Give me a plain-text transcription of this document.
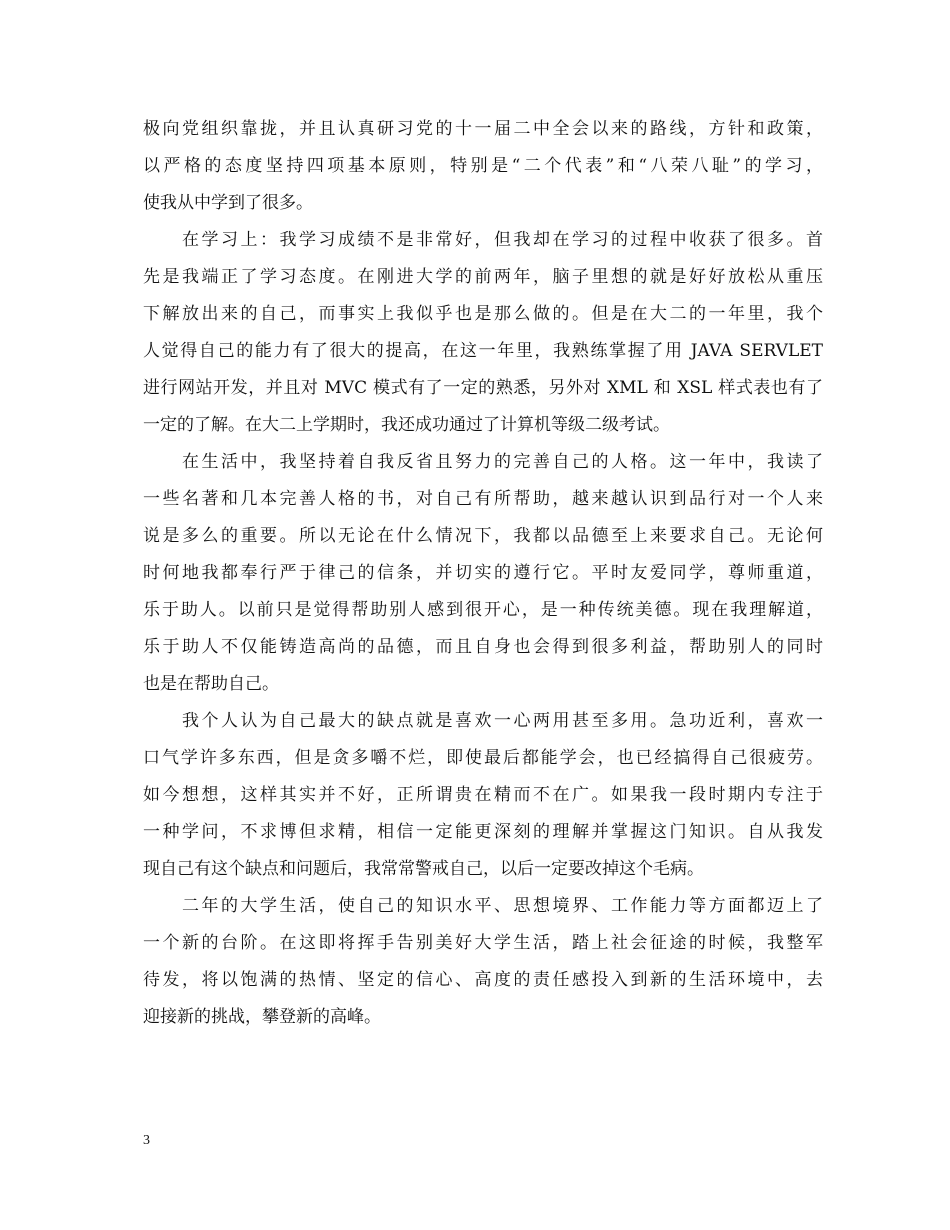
极向党组织靠拢，并且认真研习党的十一届二中全会以来的路线，方针和政策，
以严格的态度坚持四项基本原则，特别是“二个代表”和“八荣八耻”的学习，
使我从中学到了很多。
　　在学习上：我学习成绩不是非常好，但我却在学习的过程中收获了很多。首
先是我端正了学习态度。在刚进大学的前两年，脑子里想的就是好好放松从重压
下解放出来的自己，而事实上我似乎也是那么做的。但是在大二的一年里，我个
人觉得自己的能力有了很大的提高，在这一年里，我熟练掌握了用 JAVA SERVLET
进行网站开发，并且对 MVC 模式有了一定的熟悉，另外对 XML 和 XSL 样式表也有了
一定的了解。在大二上学期时，我还成功通过了计算机等级二级考试。
　　在生活中，我坚持着自我反省且努力的完善自己的人格。这一年中，我读了
一些名著和几本完善人格的书，对自己有所帮助，越来越认识到品行对一个人来
说是多么的重要。所以无论在什么情况下，我都以品德至上来要求自己。无论何
时何地我都奉行严于律己的信条，并切实的遵行它。平时友爱同学，尊师重道，
乐于助人。以前只是觉得帮助别人感到很开心，是一种传统美德。现在我理解道，
乐于助人不仅能铸造高尚的品德，而且自身也会得到很多利益，帮助别人的同时
也是在帮助自己。
　　我个人认为自己最大的缺点就是喜欢一心两用甚至多用。急功近利，喜欢一
口气学许多东西，但是贪多嚼不烂，即使最后都能学会，也已经搞得自己很疲劳。
如今想想，这样其实并不好，正所谓贵在精而不在广。如果我一段时期内专注于
一种学问，不求博但求精，相信一定能更深刻的理解并掌握这门知识。自从我发
现自己有这个缺点和问题后，我常常警戒自己，以后一定要改掉这个毛病。
　　二年的大学生活，使自己的知识水平、思想境界、工作能力等方面都迈上了
一个新的台阶。在这即将挥手告别美好大学生活，踏上社会征途的时候，我整军
待发，将以饱满的热情、坚定的信心、高度的责任感投入到新的生活环境中，去
迎接新的挑战，攀登新的高峰。
3
